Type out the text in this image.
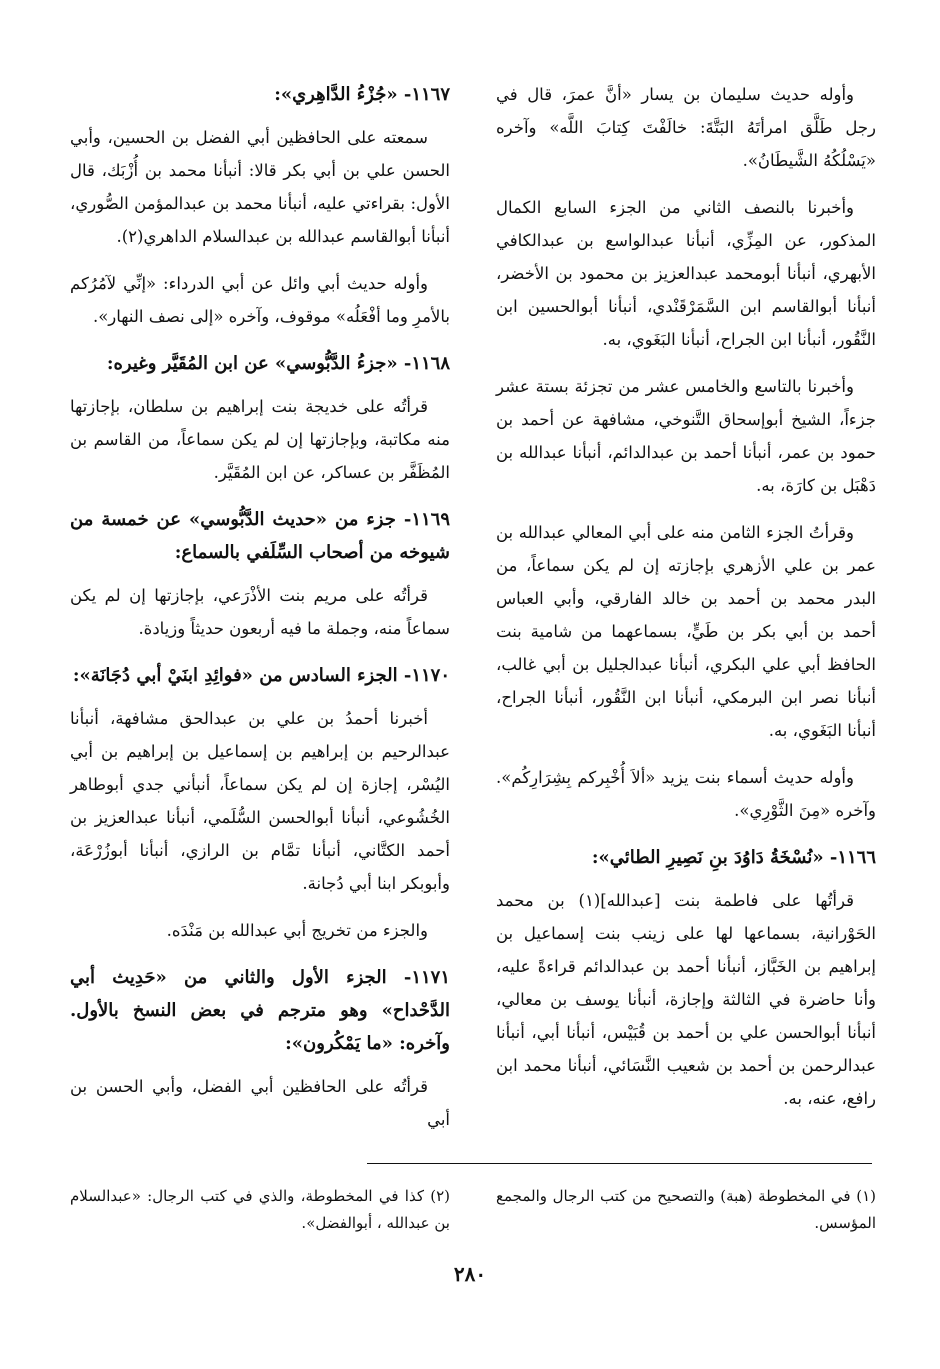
وأوله حديث سليمان بن يسار «أنَّ عمرَ، قال في رجل طَلَّق امرأتَهُ البَتَّةَ: خالَفْتَ كِتابَ اللَّه» وآخره «يَسْلُكُهُ الشَّيطَانُ».

وأخبرنا بالنصف الثاني من الجزء السابع الكمال المذكور، عن المِزِّي، أنبأنا عبدالواسع بن عبدالكافي الأبهري، أنبأنا أبومحمد عبدالعزيز بن محمود بن الأخضر، أنبأنا أبوالقاسم ابن السَّمَرْقَنْدي، أنبأنا أبوالحسين ابن النَّقُور، أنبأنا ابن الجراح، أنبأنا البَغَوي، به.

وأخبرنا بالتاسع والخامس عشر من تجزئة بستة عشر جزءاً، الشيخ أبوإسحاق التَّنوخي، مشافهة عن أحمد بن حمود بن عمر، أنبأنا أحمد بن عبدالدائم، أنبأنا عبدالله بن دَهْبَل بن كارَة، به.

وقرأتُ الجزء الثامن منه على أبي المعالي عبدالله بن عمر بن علي الأزهري بإجازته إن لم يكن سماعاً، من البدر محمد بن أحمد بن خالد الفارقي، وأبي العباس أحمد بن أبي بكر بن طَيٍّ، بسماعهما من شامية بنت الحافظ أبي علي البكري، أنبأنا عبدالجليل بن أبي غالب، أنبأنا نصر ابن البرمكي، أنبأنا ابن النَّقُور، أنبأنا الجراح، أنبأنا البَغَوي، به.

وأوله حديث أسماء بنت يزيد «ألاَ أُخْبِركم بِشِرَارِكُم». وآخره «مِنَ الثَّوْرِي».

١١٦٦- «نُسْخَةُ دَاوُدَ بنِ نَصِيرِ الطائي»:

قرأتُها على فاطمة بنت [عبدالله](١) بن محمد الحَوْرانية، بسماعها لها على زينب بنت إسماعيل بن إبراهيم بن الخَبَّاز، أنبأنا أحمد بن عبدالدائم قراءةً عليه، وأنا حاضرة في الثالثة وإجازة، أنبأنا يوسف بن معالي، أنبأنا أبوالحسن علي بن أحمد بن قُبَيْس، أنبأنا أبي، أنبأنا عبدالرحمن بن أحمد بن شعيب النَّسَائي، أنبأنا محمد ابن رافع، عنه، به.

١١٦٧- «جُزْءُ الدَّاهِري»:

سمعته على الحافظين أبي الفضل بن الحسين، وأبي الحسن علي بن أبي بكر قالا: أنبأنا محمد بن أُزْبَك، قال الأول: بقراءتي عليه، أنبأنا محمد بن عبدالمؤمن الصُّوري، أنبأنا أبوالقاسم عبدالله بن عبدالسلام الداهري(٢).

وأوله حديث أبي وائل عن أبي الدرداء: «إنِّي لآمُرُكم بالأمرِ وما أفْعَلُه» موقوف، وآخره «إلى نصف النهار».

١١٦٨- «جزءُ الدَّبُّوسي» عن ابن المُقَيَّر وغيره:

قرأتُه على خديجة بنت إبراهيم بن سلطان، بإجازتها منه مكاتبة، وبإجازتها إن لم يكن سماعاً، من القاسم بن المُظَفَّر بن عساكر، عن ابن المُقَيَّر.

١١٦٩- جزء من «حديث الدَّبُّوسي» عن خمسة من شيوخه من أصحاب السِّلَفي بالسماع:

قرأتُه على مريم بنت الأذْرَعي، بإجازتها إن لم يكن سماعاً منه، وجملة ما فيه أربعون حديثاً وزيادة.

١١٧٠- الجزء السادس من «فوائِدِ ابنَيْ أبي دُجَانَة»:

أخبرنا أحمدُ بن علي بن عبدالحق مشافهة، أنبأنا عبدالرحيم بن إبراهيم بن إسماعيل بن إبراهيم بن أبي اليُسْر، إجازة إن لم يكن سماعاً، أنبأني جدي أبوطاهر الخُشُوعي، أنبأنا أبوالحسن السُّلَمي، أنبأنا عبدالعزيز بن أحمد الكتَّاني، أنبأنا تمَّام بن الرازي، أنبأنا أبوزُرْعَة، وأبوبكر ابنا أبي دُجانة.

والجزء من تخريج أبي عبدالله بن مَنْدَه.

١١٧١- الجزء الأول والثاني من «حَدِيث أبي الدَّحْداح» وهو مترجم في بعض النسخ بالأول. وآخره: «ما يَمْكُرون»:

قرأتُه على الحافظين أبي الفضل، وأبي الحسن بن أبي

(١) في المخطوطة (هبة) والتصحيح من كتب الرجال والمجمع المؤسس.
(٢) كذا في المخطوطة، والذي في كتب الرجال: «عبدالسلام بن عبدالله ، أبوالفضل».
٢٨٠
